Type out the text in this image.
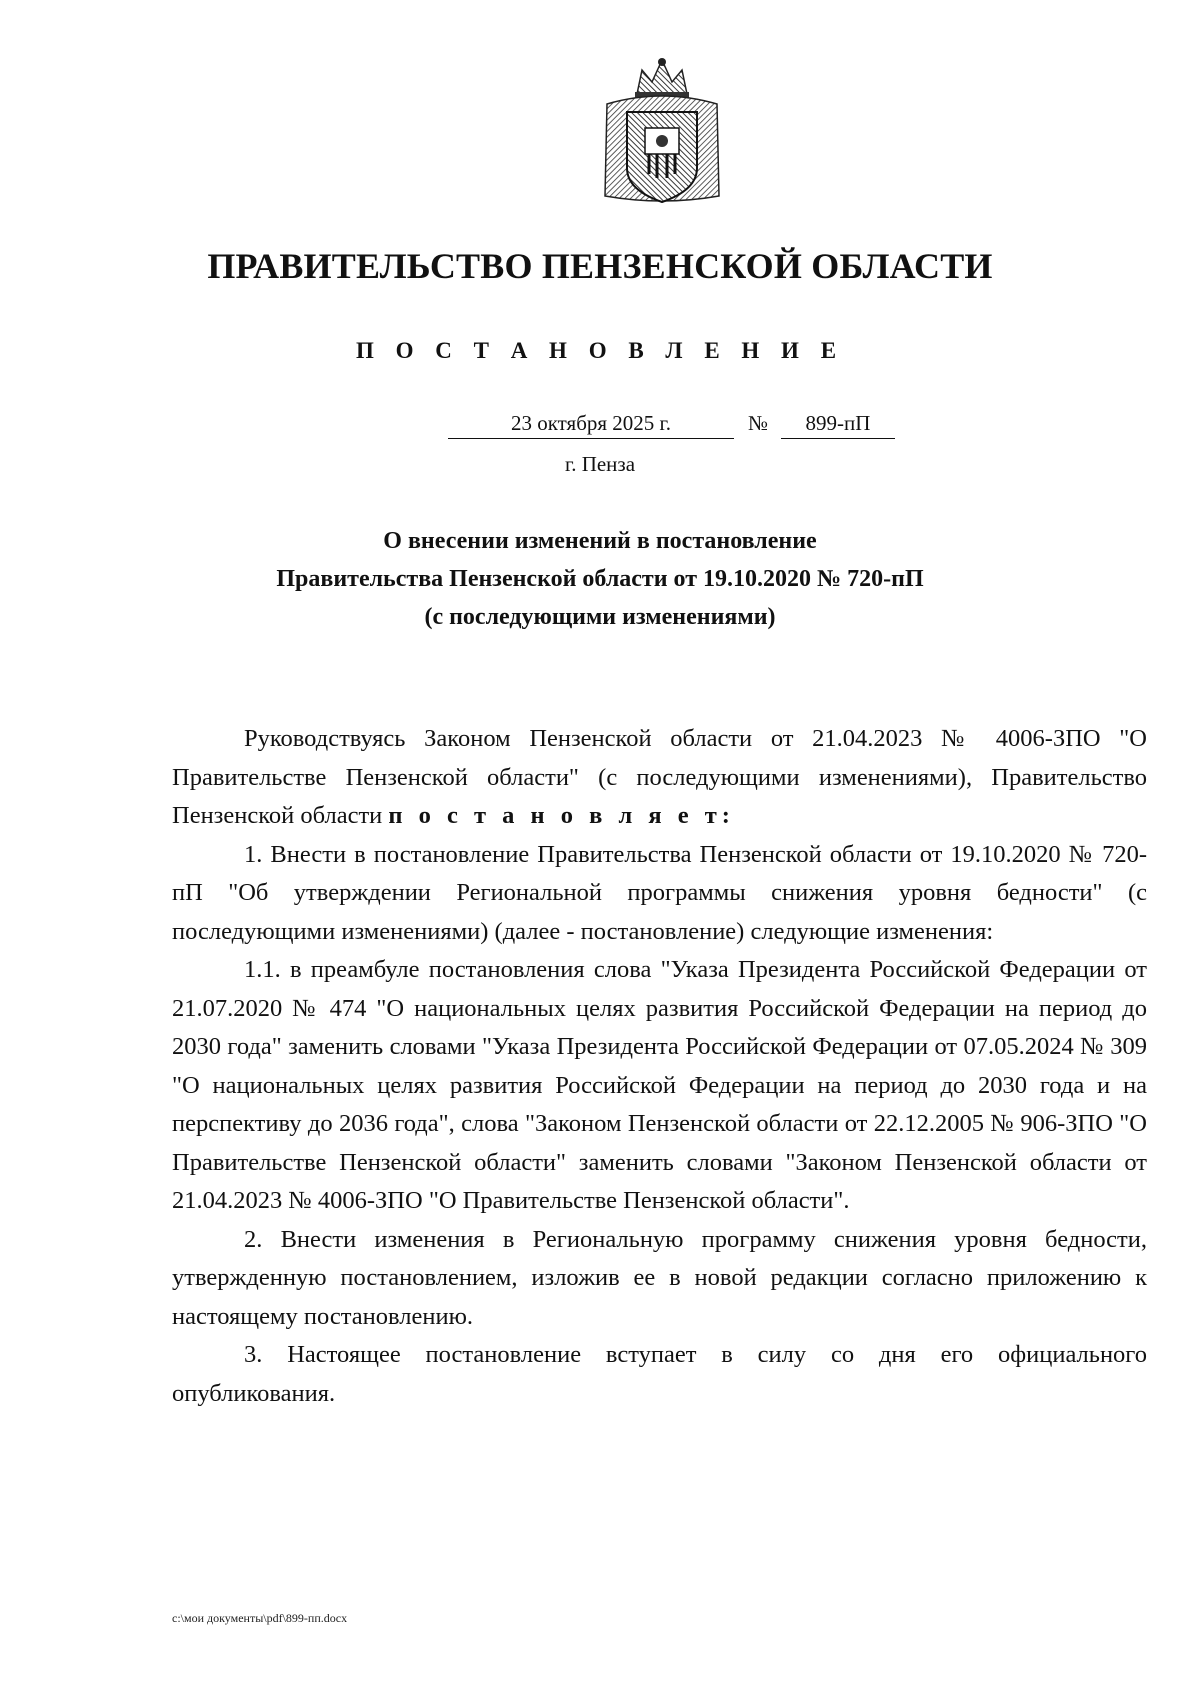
ПРАВИТЕЛЬСТВО ПЕНЗЕНСКОЙ ОБЛАСТИ
П О С Т А Н О В Л Е Н И Е
23 октября 2025 г.	№	899-пП
г. Пенза
О внесении изменений в постановление
Правительства Пензенской области от 19.10.2020 № 720-пП
(с последующими изменениями)

Руководствуясь Законом Пензенской области от 21.04.2023 № 4006-ЗПО "О Правительстве Пензенской области" (с последующими изменениями), Правительство Пензенской области п о с т а н о в л я е т:

1. Внести в постановление Правительства Пензенской области от 19.10.2020 № 720-пП "Об утверждении Региональной программы снижения уровня бедности" (с последующими изменениями) (далее - постановление) следующие изменения:

1.1. в преамбуле постановления слова "Указа Президента Российской Федерации от 21.07.2020 № 474 "О национальных целях развития Российской Федерации на период до 2030 года" заменить словами "Указа Президента Российской Федерации от 07.05.2024 № 309 "О национальных целях развития Российской Федерации на период до 2030 года и на перспективу до 2036 года", слова "Законом Пензенской области от 22.12.2005 № 906-ЗПО "О Правительстве Пензенской области" заменить словами "Законом Пензенской области от 21.04.2023 № 4006-ЗПО "О Правительстве Пензенской области".

2. Внести изменения в Региональную программу снижения уровня бедности, утвержденную постановлением, изложив ее в новой редакции согласно приложению к настоящему постановлению.

3. Настоящее постановление вступает в силу со дня его официального опубликования.

c:\мои документы\pdf\899-пп.docx
